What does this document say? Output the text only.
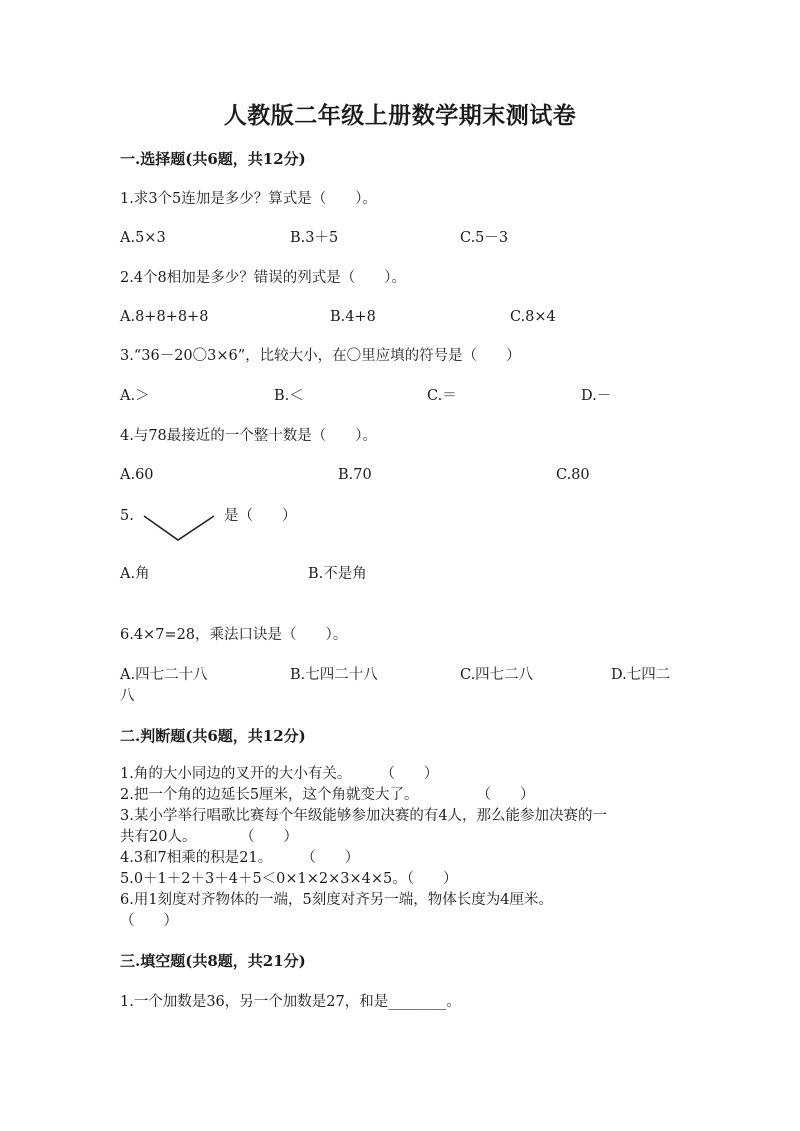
人教版二年级上册数学期末测试卷
一.选择题(共6题，共12分)
1.求3个5连加是多少？算式是（　　）。
A.5×3	B.3＋5	C.5－3
2.4个8相加是多少？错误的列式是（　　）。
A.8+8+8+8	B.4+8	C.8×4
3.“36－20〇3×6”，比较大小，在〇里应填的符号是（　　）
A.＞	B.＜	C.＝	D.－
4.与78最接近的一个整十数是（　　）。
A.60	B.70	C.80
5.	是（　　）
A.角	B.不是角
6.4×7=28，乘法口诀是（　　）。
A.四七二十八	B.七四二十八	C.四七二八	D.七四二
八
二.判断题(共6题，共12分)
1.角的大小同边的叉开的大小有关。　　　（　　）
2.把一个角的边延长5厘米，这个角就变大了。　　　　　（　　）
3.某小学举行唱歌比赛每个年级能够参加决赛的有4人，那么能参加决赛的一
共有20人。　　　　（　　）
4.3和7相乘的积是21。　　　（　　）
5.0＋1＋2＋3＋4＋5＜0×1×2×3×4×5。（　　）
6.用1刻度对齐物体的一端，5刻度对齐另一端，物体长度为4厘米。
（　　）
三.填空题(共8题，共21分)
1.一个加数是36，另一个加数是27，和是________。
